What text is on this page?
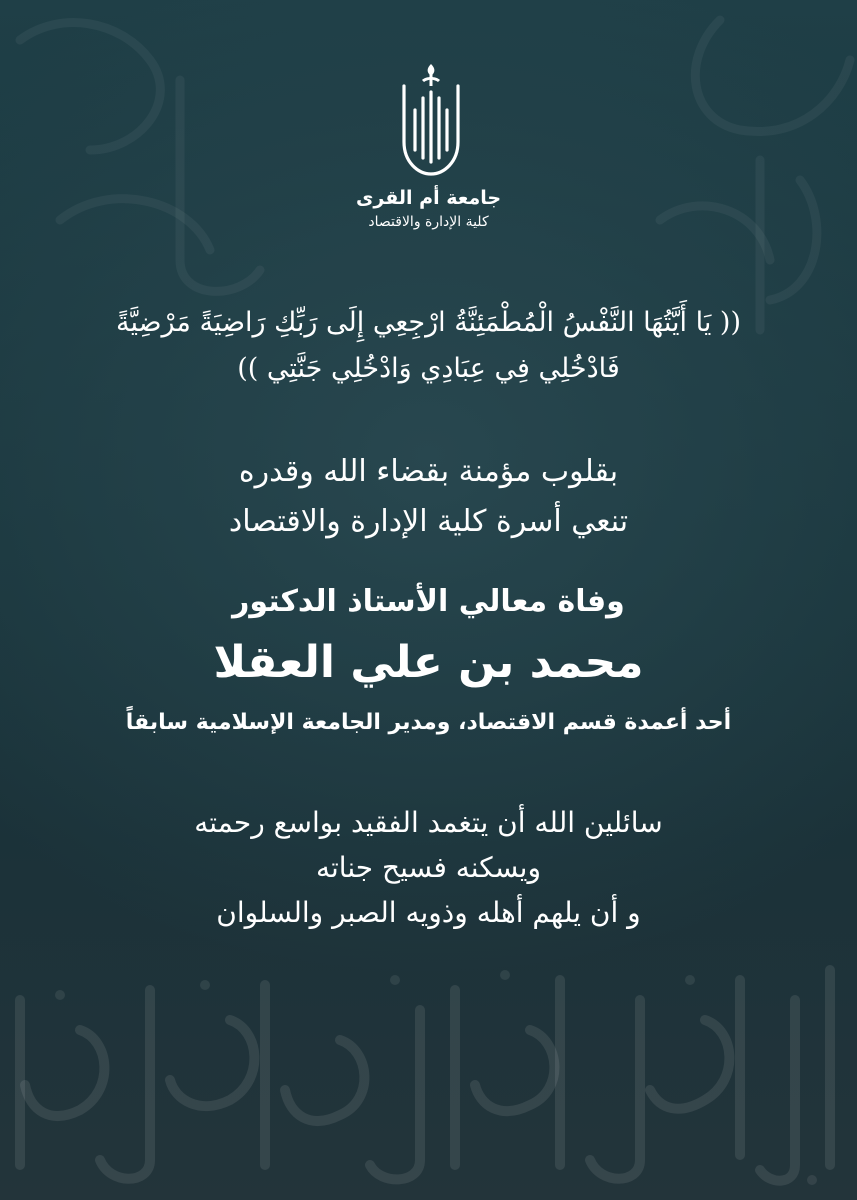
جامعة أم القرى
كلية الإدارة والاقتصاد
(( يَا أَيَّتُهَا النَّفْسُ الْمُطْمَئِنَّةُ ارْجِعِي إِلَى رَبِّكِ رَاضِيَةً مَرْضِيَّةً
فَادْخُلِي فِي عِبَادِي وَادْخُلِي جَنَّتِي ))
بقلوب مؤمنة بقضاء الله وقدره
تنعي أسرة كلية الإدارة والاقتصاد
وفاة معالي الأستاذ الدكتور
محمد بن علي العقلا
أحد أعمدة قسم الاقتصاد، ومدير الجامعة الإسلامية سابقاً
سائلين الله أن يتغمد الفقيد بواسع رحمته
ويسكنه فسيح جناته
و أن يلهم أهله وذويه الصبر والسلوان
